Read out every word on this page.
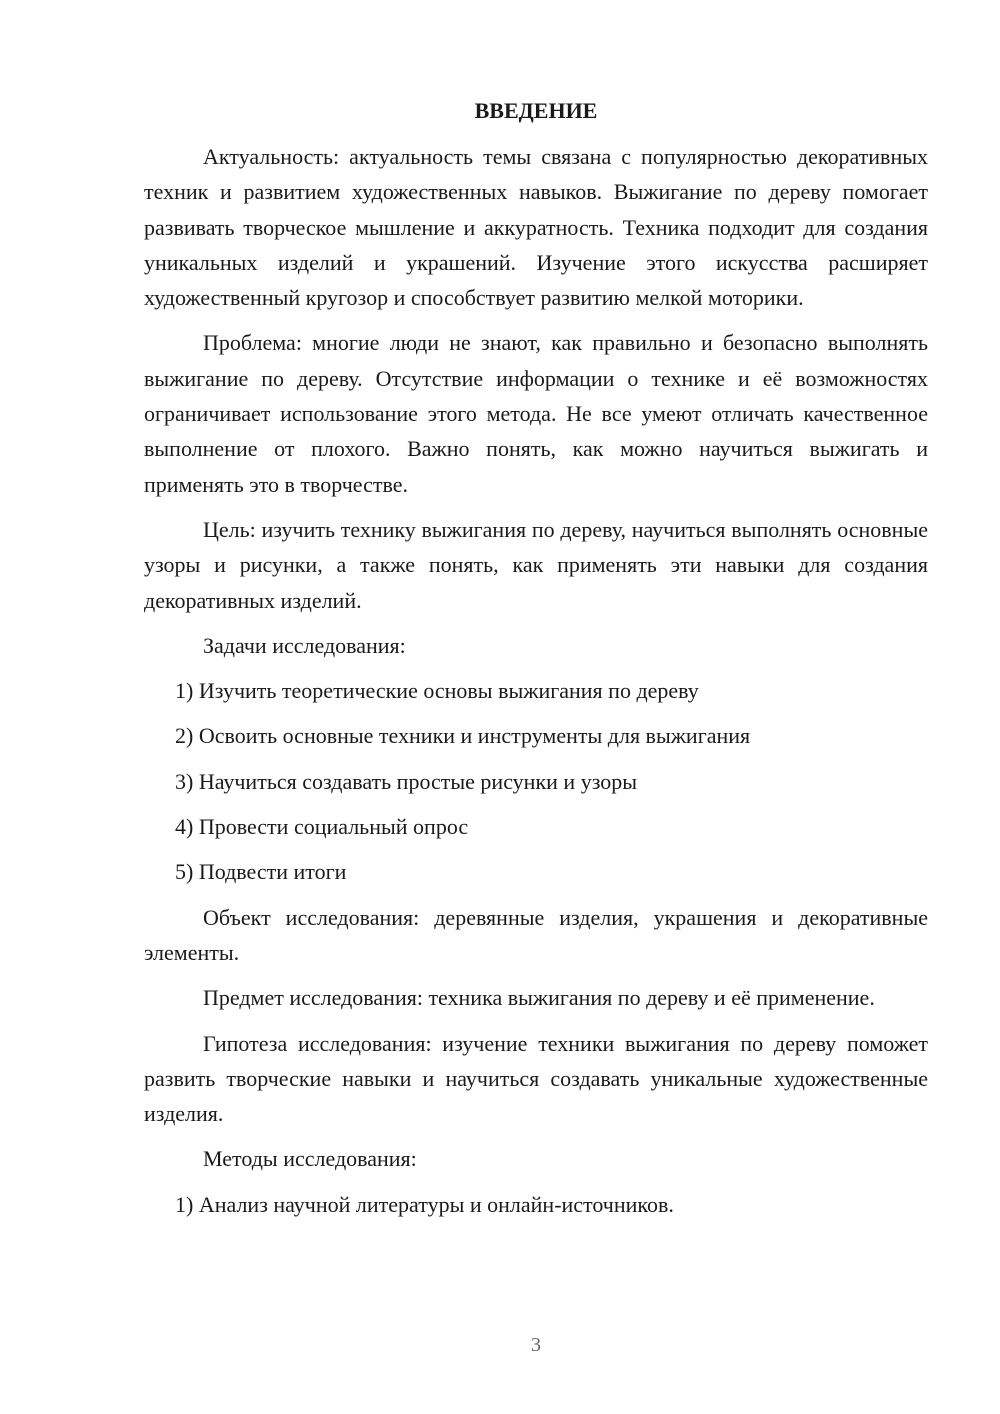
ВВЕДЕНИЕ

Актуальность: актуальность темы связана с популярностью декоративных техник и развитием художественных навыков. Выжигание по дереву помогает развивать творческое мышление и аккуратность. Техника подходит для создания уникальных изделий и украшений. Изучение этого искусства расширяет художественный кругозор и способствует развитию мелкой моторики.

Проблема: многие люди не знают, как правильно и безопасно выполнять выжигание по дереву. Отсутствие информации о технике и её возможностях ограничивает использование этого метода. Не все умеют отличать качественное выполнение от плохого. Важно понять, как можно научиться выжигать и применять это в творчестве.

Цель: изучить технику выжигания по дереву, научиться выполнять основные узоры и рисунки, а также понять, как применять эти навыки для создания декоративных изделий.

Задачи исследования:

1) Изучить теоретические основы выжигания по дереву
2) Освоить основные техники и инструменты для выжигания
3) Научиться создавать простые рисунки и узоры
4) Провести социальный опрос
5) Подвести итоги

Объект исследования: деревянные изделия, украшения и декоративные элементы.

Предмет исследования: техника выжигания по дереву и её применение.

Гипотеза исследования: изучение техники выжигания по дереву поможет развить творческие навыки и научиться создавать уникальные художественные изделия.

Методы исследования:

1) Анализ научной литературы и онлайн-источников.
3
